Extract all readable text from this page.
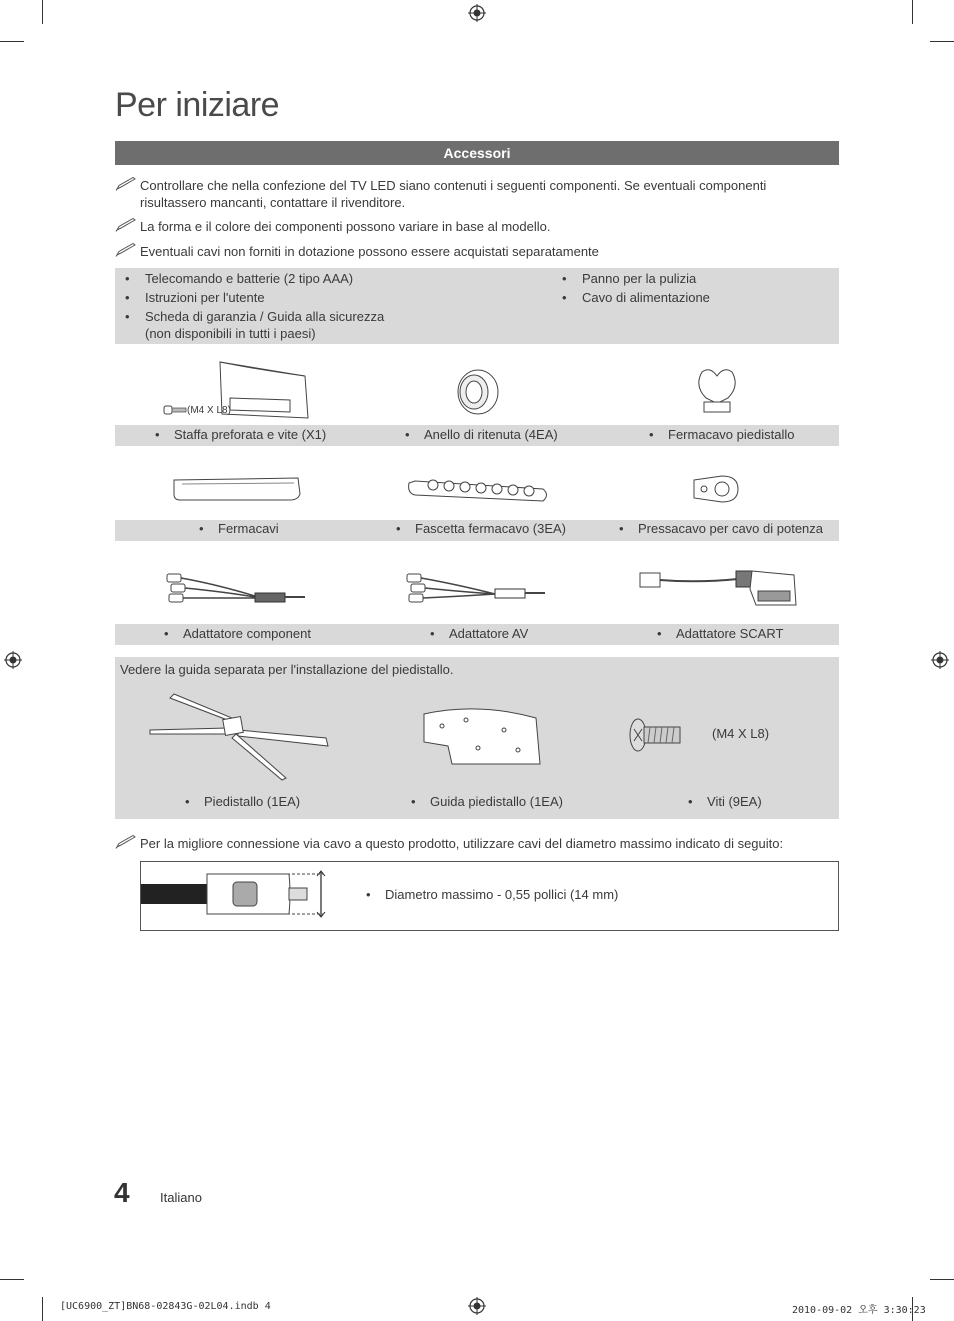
Per iniziare
Accessori
Controllare che nella confezione del TV LED siano contenuti i seguenti componenti. Se eventuali componenti
risultassero mancanti, contattare il rivenditore.
La forma e il colore dei componenti possono variare in base al modello.
Eventuali cavi non forniti in dotazione possono essere acquistati separatamente
• Telecomando e batterie (2 tipo AAA)
• Istruzioni per l'utente
• Scheda di garanzia / Guida alla sicurezza
(non disponibili in tutti i paesi)
• Panno per la pulizia
• Cavo di alimentazione
(M4 X L8)
• Staffa preforata e vite (X1)	• Anello di ritenuta (4EA)	• Fermacavo piedistallo
• Fermacavi	• Fascetta fermacavo (3EA)	• Pressacavo per cavo di potenza
• Adattatore component	• Adattatore AV	• Adattatore SCART
Vedere la guida separata per l'installazione del piedistallo.
(M4 X L8)
• Piedistallo (1EA)	• Guida piedistallo (1EA)	• Viti (9EA)
Per la migliore connessione via cavo a questo prodotto, utilizzare cavi del diametro massimo indicato di seguito:
• Diametro massimo - 0,55 pollici (14 mm)
4 Italiano
[UC6900_ZT]BN68-02843G-02L04.indb 4	2010-09-02 오후 3:30:23
